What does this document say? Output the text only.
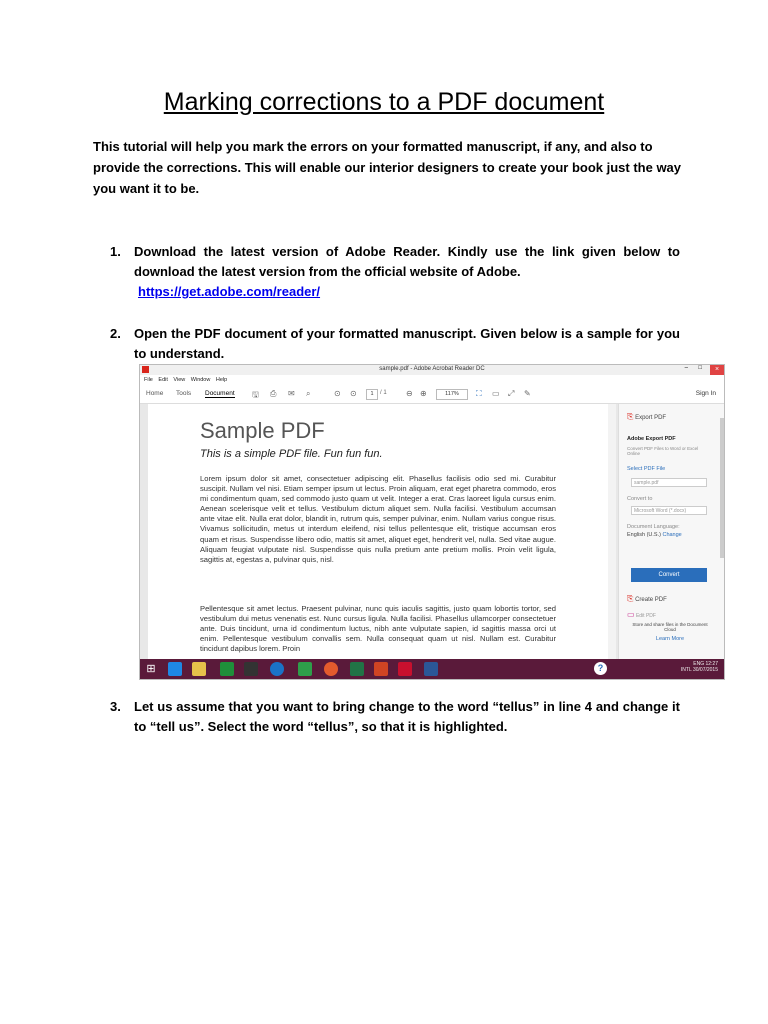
Marking corrections to a PDF document
This tutorial will help you mark the errors on your formatted manuscript, if any, and also to provide the corrections. This will enable our interior designers to create your book just the way you want it to be.
1. Download the latest version of Adobe Reader. Kindly use the link given below to download the latest version from the official website of Adobe.
https://get.adobe.com/reader/
2. Open the PDF document of your formatted manuscript. Given below is a sample for you to understand.
sample.pdf - Adobe Acrobat Reader DC	– □	×
File Edit View Window Help
Home Tools Document 🖫 ⎙ ✉ ⌕	⊙ ⊙	1	/ 1 ⊖ ⊕	117%	⛶ ▭ ⤢ ✎	Sign In
Sample PDF
This is a simple PDF file. Fun fun fun.
Lorem ipsum dolor sit amet, consectetuer adipiscing elit. Phasellus facilisis odio sed mi. Curabitur suscipit. Nullam vel nisi. Etiam semper ipsum ut lectus. Proin aliquam, erat eget pharetra commodo, eros mi condimentum quam, sed commodo justo quam ut velit. Integer a erat. Cras laoreet ligula cursus enim. Aenean scelerisque velit et tellus. Vestibulum dictum aliquet sem. Nulla facilisi. Vestibulum accumsan ante vitae elit. Nulla erat dolor, blandit in, rutrum quis, semper pulvinar, enim. Nullam varius congue risus. Vivamus sollicitudin, metus ut interdum eleifend, nisi tellus pellentesque elit, tristique accumsan eros quam et risus. Suspendisse libero odio, mattis sit amet, aliquet eget, hendrerit vel, nulla. Sed vitae augue. Aliquam feugiat vulputate nisl. Suspendisse quis nulla pretium ante pretium mollis. Proin velit ligula, sagittis at, egestas a, pulvinar quis, nisl.
Pellentesque sit amet lectus. Praesent pulvinar, nunc quis iaculis sagittis, justo quam lobortis tortor, sed vestibulum dui metus venenatis est. Nunc cursus ligula. Nulla facilisi. Phasellus ullamcorper consectetuer ante. Duis tincidunt, urna id condimentum luctus, nibh ante vulputate sapien, id sagittis massa orci ut enim. Pellentesque vestibulum convallis sem. Nulla consequat quam ut nisl. Nullam est. Curabitur tincidunt dapibus lorem. Proin
⎘ Export PDF
Adobe Export PDF
Convert PDF Files to Word or Excel Online
Select PDF File
sample.pdf
Convert to
Microsoft Word (*.docx)
Document Language:
English (U.S.) Change
Convert
⎘ Create PDF
▭ Edit PDF
Store and share files in the Document Cloud
Learn More
⊞	?	ENG 12:27
INTL 30/07/2015
3. Let us assume that you want to bring change to the word “tellus” in line 4 and change it to “tell us”. Select the word “tellus”, so that it is highlighted.
